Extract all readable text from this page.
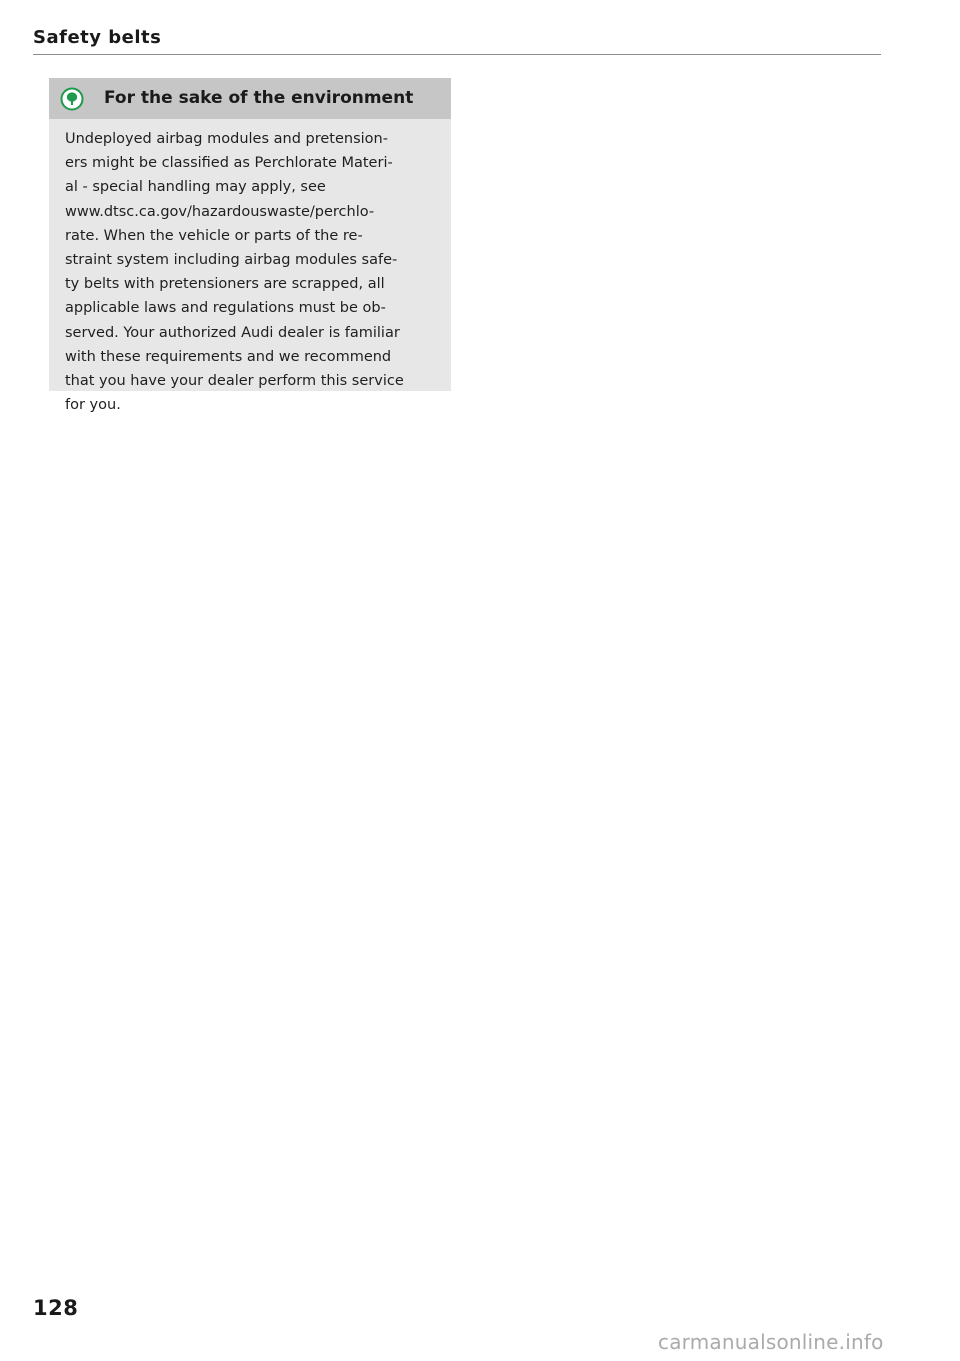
Safety belts
For the sake of the environment

Undeployed airbag modules and pretension-
ers might be classified as Perchlorate Materi-
al - special handling may apply, see
www.dtsc.ca.gov/hazardouswaste/perchlo-
rate. When the vehicle or parts of the re-
straint system including airbag modules safe-
ty belts with pretensioners are scrapped, all
applicable laws and regulations must be ob-
served. Your authorized Audi dealer is familiar
with these requirements and we recommend
that you have your dealer perform this service
for you.

128
carmanualsonline.info
